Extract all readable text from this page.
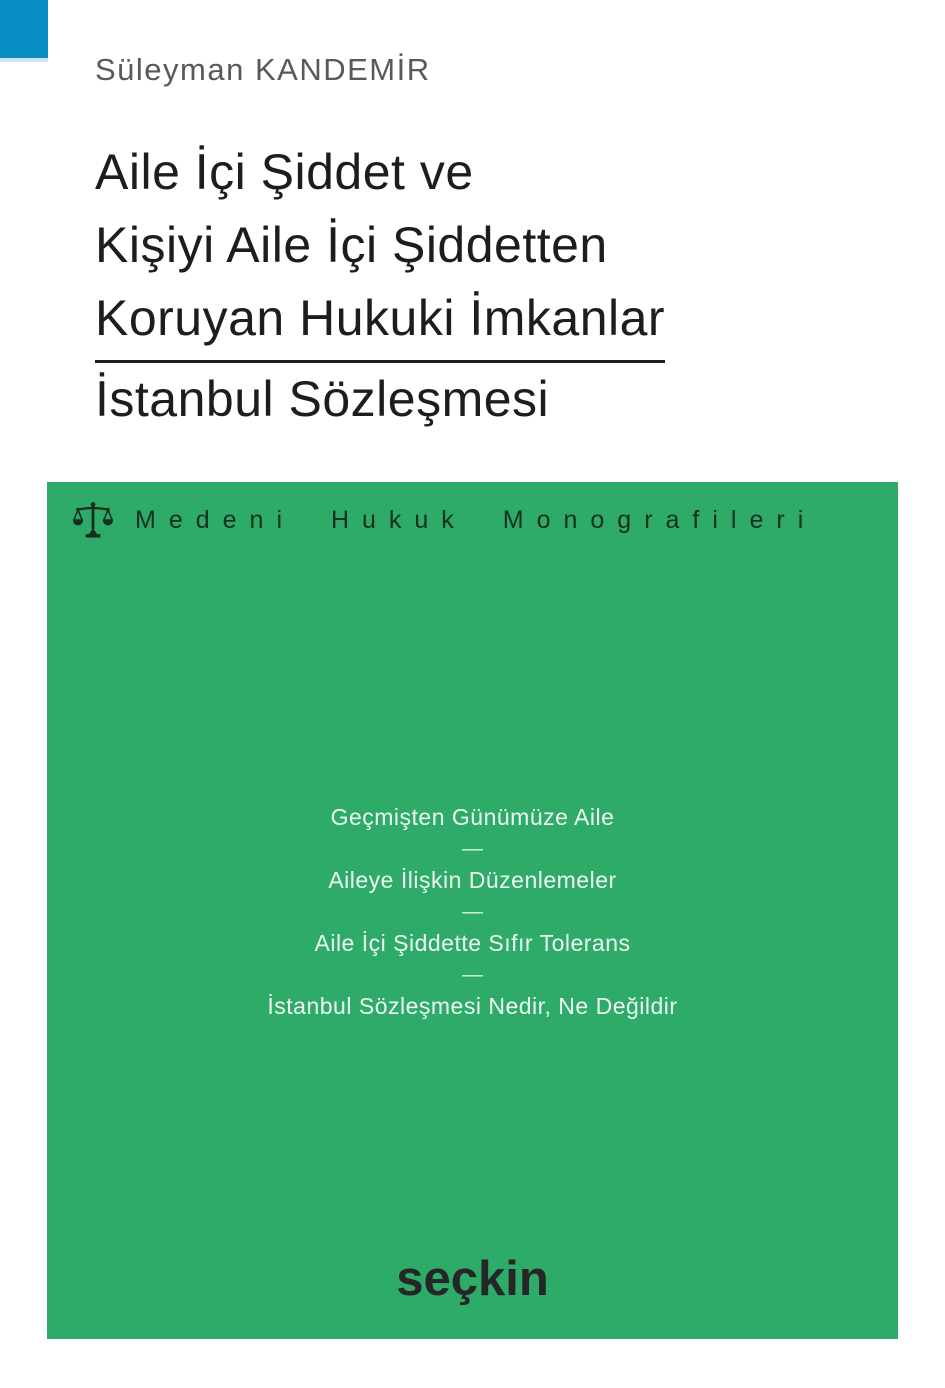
Süleyman KANDEMİR
Aile İçi Şiddet ve
Kişiyi Aile İçi Şiddetten
Koruyan Hukuki İmkanlar
İstanbul Sözleşmesi
Medeni Hukuk Monografileri
Geçmişten Günümüze Aile
—
Aileye İlişkin Düzenlemeler
—
Aile İçi Şiddette Sıfır Tolerans
—
İstanbul Sözleşmesi Nedir, Ne Değildir
seçkin
